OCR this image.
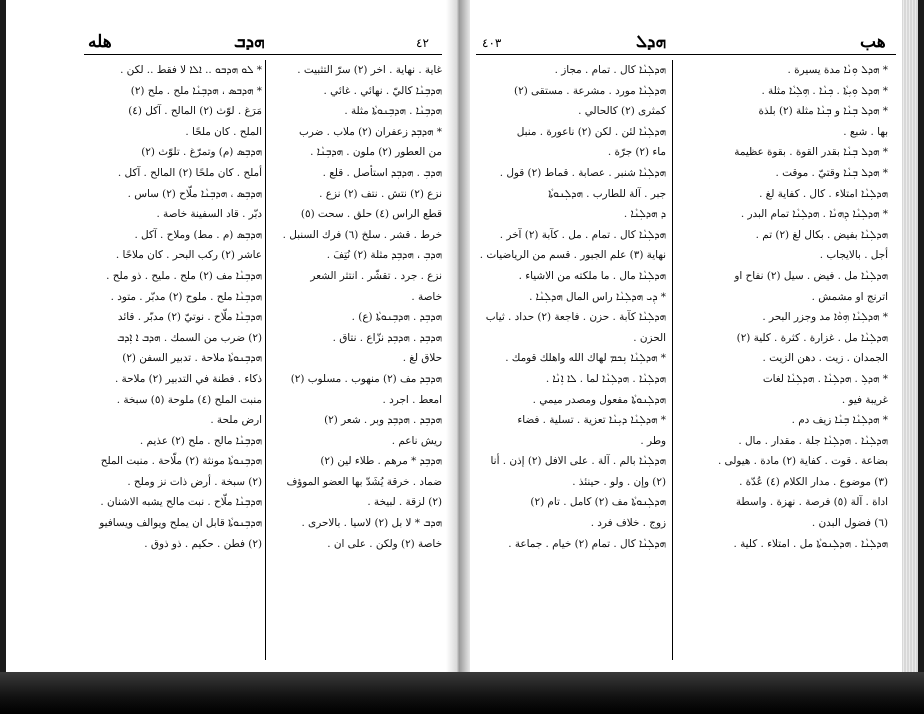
ﻫﻠﻪ	ܗܕܒ	٤٢
* ܠܘ ܗܕܒܘ .. ܐܠܐ لا فقط .. لكن .
* ܗܕܒܣ ، ܗܕܒܼܢܵܐ ملح . ملح (٢)
مَرَغ . لوّث (٢) المالح . آكل (٤)
الملح . كان ملحًا .
ܗܕܒܼܣ (م) وتمرّغ . تلوّث (٢)
أملح . كان ملحًا (٢) المالح . آكل .
ܗܕܒܼܣ ، ܗܕܒܼܢܵܐ ملّاح (٢) ساس .
دبّر . قاد السفينة خاصة .
ܗܕܒܼܣ (م . مط) وملاح . آكل .
عاشر (٢) ركب البحر . كان ملاحًا .
ܗܕܒܼܢܵܐ مف (٢) ملح . مليح . ذو ملح .
ܗܕܒܼܢܵܐ ملح . ملوح (٢) مدبّر . متود .
ܗܕܒܼܢܵܐ ملّاح . نوتيّ (٢) مدبّر . قائد
(٢) ضرب من السمك . ܗܕܒ ܐ ܐܼܕܒ
ܗܕܒܼܢܘܬܵܐ ملاحة . تدبير السفن (٢)
ذكاء . فطنة في التدبير (٢) ملاحة .
منبت الملح (٤) ملوحة (٥) سبخة .
ارض ملحة .
ܗܕܒܼܢܵܐ مالح . ملح (٢) عذيم .
ܗܕܒܼܢܘܬܵܐ مونثة (٢) ملّاحة . منبت الملح
(٢) سبخة . أرض ذات نز وملح .
ܗܕܒܼܢܵܐ ملّاح . نبت مالح يشبه الاشنان .
ܗܕܒܼܢܘܬܵܐ قابل ان يملح ويوالف ويسافيو
(٢) فطن . حكيم . ذو ذوق .
غاية . نهاية . اخر (٢) سرّ التثبيت .
ܗܕܒܼܢܵܐ كاليّ . نهائي . غائي .
ܗܕܒܼܢܵܐ . ܗܕܒܼܢܘܬܵܐ مثلة .
* ܗܕܒܼܕ زعفران (٢) ملاب . ضرب
من العطور (٢) ملون . ܗܕܒܼܢܵܐ .
ܗܕܒܼ . ܗܕܒܼܕ استأصل . قلع .
نزع (٢) نتش . نتف (٢) نزع .
قطع الراس (٤) حلق . سحت (٥)
خرط . قشر . سلخ (٦) فرك السنبل .
ܗܕܒܼ ، ܗܕܒܼܕ مثلة (٢) نُتِفَ .
نزع . جرد . تقشّر . انتثر الشعر
خاصة .
ܗܕܒܼܕ . ܗܕܒܼܢܘܬܵܐ (ع) .
ܗܕܒܼܕ . ܗܕܒܼܕ نزّاع . نتاق .
حلاق لغ .
ܗܕܒܼܕ مف (٢) منهوب . مسلوب (٢)
امعط . اجرد .
ܗܕܒܼܕ . ܗܕܒܼܕ وبر . شعر (٢)
ريش ناعم .
ܗܕܒܼܕ * مرهم . طلاء لين (٢)
ضماد . خرقة يُشَدّ بها العضو الموؤف
(٢) لزقة . لبيخة .
ܗܕܒ * لا بل (٢) لاسيا . بالاحرى .
خاصة (٢) ولكن . على ان .
٤٠٣	ܗܕܠ	ﻫﺐ
ܗܕܠܼܢܵܐ كال . تمام . مجاز .
ܗܕܠܼܢܵܐ مورد . مشرعة . مستقى (٢)
كمثرى (٢) كالحالي .
ܗܕܠܼܢܵܐ لئن . لكن (٢) ناعورة . منبل
ماء (٢) جرّة .
ܗܕܠܼܢܵܐ شنبر . عصابة . قماط (٢) قول .
جبر . آلة للطارب . ܗܕܠܼܢܘܬܵܐ
ܕ ܗܕܠܼܢܵܐ .
ܗܕܠܼܢܵܐ كال . تمام . مل . كآبة (٢) آخر .
نهاية (٣) علم الجبور . قسم من الرياضيات .
ܗܕܠܼܢܵܐ مال . ما ملكته من الاشياء .
* ܕܼܝ ܗܕܠܼܢܵܐ راس المال ܗܕܠܼܢܵܐ .
ܗܕܠܼܢܵܐ كآبة . حزن . فاجعة (٢) حداد . ثياب
الحزن .
* ܗܕܠܼܢܵܐ ܢܼܟܡ لهاك الله واهلك قومك .
ܗܕܠܼܢܵܐ . ܗܕܠܼܢܵܐ لما . ܠܐ ܐܼܢܵܐ .
ܗܕܠܼܢܘܬܵܐ مفعول ومصدر ميمي .
* ܗܕܠܼܢܵܐ ܕܝܼܢܵܐ تعزية . تسلية . فضاء
وطر .
ܗܕܠܼܢܵܐ بالم . آلة . على الافل (٢) إذن . أنا
(٢) وإن . ولو . حينئذ .
ܗܕܠܼܢܘܬܵܐ مف (٢) كامل . تام (٢)
زوج . خلاف فرد .
ܗܕܠܼܢܵܐ كال . تمام (٢) خيام . جماعة .
* ܗܕܠ ܘܼܢܵܐ مدة يسيرة .
* ܗܕܠ ܘܼܝܼܬܵܐ . ܟܼܢܵܐ . ܗܼܠܼܝܵܐ مثلة .
* ܗܕܠ ܒܼܢܵܐ و ܒܼܢܵܐ مثلة (٢) بلذة
بها . شبع .
* ܗܕܠ ܒܼܢܵܐ بقدر القوة . بقوة عظيمة
* ܗܕܠ ܒܼܢܵܐ وقتيّ . موقت .
ܗܕܠܼܢܵܐ امتلاء . كال . كفاية لغ .
* ܗܕܠܼܢܵܐ ܕܼܗܢܵܐ . ܗܕܠܼܢܵܐ تمام البدر .
ܗܕܠܼܢܵܐ بفيض . بكال لغ (٢) تم .
أجل . بالايجاب .
ܗܕܠܼܢܵܐ مل . فيض . سيل (٢) نفاح او
اترنج او مشمش .
* ܗܕܠܼܢܵܐ ܗܼܘܵܐ مد وجزر البحر .
ܗܕܠܼܢܵܐ مل . غزارة . كثرة . كلية (٢)
الجمدان . زيت . دهن الزيت .
* ܗܕܠܼ . ܗܕܠܼܢܵܐ . ܗܕܠܼܢܵܐ لغات
غريبة فيو .
* ܗܕܠܼܢܵܐ ܒܼܢܵܐ زيف دم .
ܗܕܠܼܢܵܐ . ܗܕܠܼܢܵܐ جلة . مقدار . مال .
بضاعة . قوت . كفاية (٢) مادة . هيولى .
(٣) موضوع . مدار الكلام (٤) عُدّة .
اداة . آلة (٥) فرصة . نهزة . واسطة
(٦) فضول البدن .
ܗܕܠܼܢܵܐ . ܗܕܠܼܢܘܬܵܐ مل . امتلاء . كلية .
